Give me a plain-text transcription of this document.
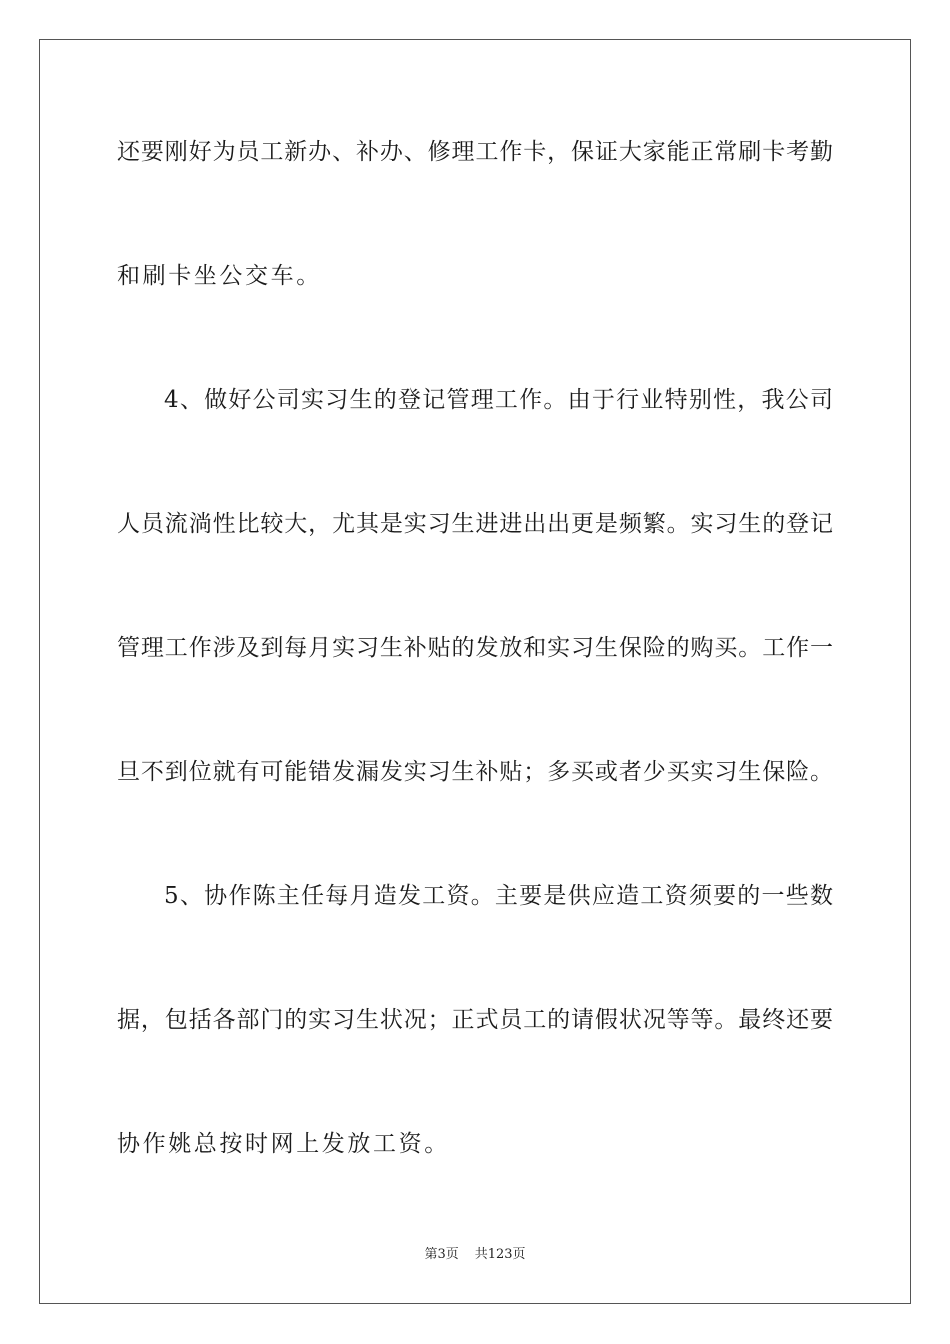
还要刚好为员工新办、补办、修理工作卡，保证大家能正常刷卡考勤
和刷卡坐公交车。
4、做好公司实习生的登记管理工作。由于行业特别性，我公司
人员流淌性比较大，尤其是实习生进进出出更是频繁。实习生的登记
管理工作涉及到每月实习生补贴的发放和实习生保险的购买。工作一
旦不到位就有可能错发漏发实习生补贴；多买或者少买实习生保险。
5、协作陈主任每月造发工资。主要是供应造工资须要的一些数
据，包括各部门的实习生状况；正式员工的请假状况等等。最终还要
协作姚总按时网上发放工资。
第3页 共123页
